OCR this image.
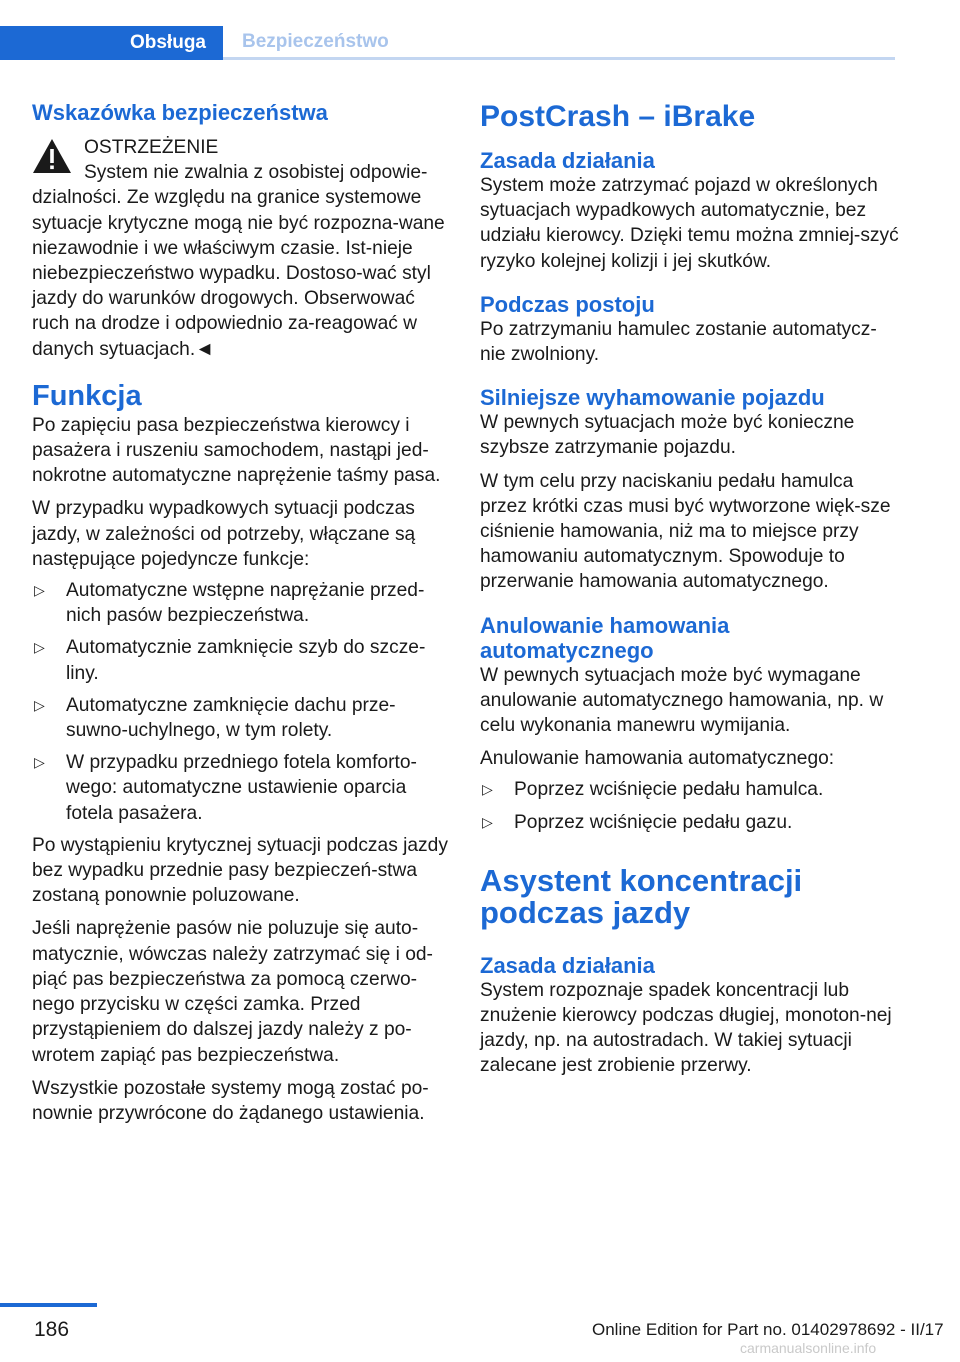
Obsługa	Bezpieczeństwo
Wskazówka bezpieczeństwa

OSTRZEŻENIE

System nie zwalnia z osobistej odpowie-

dzialności. Ze względu na granice systemowe sytuacje krytyczne mogą nie być rozpozna-wane niezawodnie i we właściwym czasie. Ist-nieje niebezpieczeństwo wypadku. Dostoso-wać styl jazdy do warunków drogowych. Obserwować ruch na drodze i odpowiednio za-reagować w danych sytuacjach.◄

Funkcja

Po zapięciu pasa bezpieczeństwa kierowcy i pasażera i ruszeniu samochodem, nastąpi jed-nokrotne automatyczne naprężenie taśmy pasa.

W przypadku wypadkowych sytuacji podczas jazdy, w zależności od potrzeby, włączane są następujące pojedyncze funkcje:

▷ Automatyczne wstępne naprężanie przed-nich pasów bezpieczeństwa.
▷ Automatycznie zamknięcie szyb do szcze-liny.
▷ Automatyczne zamknięcie dachu prze-suwno-uchylnego, w tym rolety.
▷ W przypadku przedniego fotela komforto-wego: automatyczne ustawienie oparcia fotela pasażera.

Po wystąpieniu krytycznej sytuacji podczas jazdy bez wypadku przednie pasy bezpieczeń-stwa zostaną ponownie poluzowane.

Jeśli naprężenie pasów nie poluzuje się auto-matycznie, wówczas należy zatrzymać się i od-piąć pas bezpieczeństwa za pomocą czerwo-nego przycisku w części zamka. Przed przystąpieniem do dalszej jazdy należy z po-wrotem zapiąć pas bezpieczeństwa.

Wszystkie pozostałe systemy mogą zostać po-nownie przywrócone do żądanego ustawienia.

PostCrash – iBrake
Zasada działania

System może zatrzymać pojazd w określonych sytuacjach wypadkowych automatycznie, bez udziału kierowcy. Dzięki temu można zmniej-szyć ryzyko kolejnej kolizji i jej skutków.

Podczas postoju

Po zatrzymaniu hamulec zostanie automatycz-nie zwolniony.

Silniejsze wyhamowanie pojazdu

W pewnych sytuacjach może być konieczne szybsze zatrzymanie pojazdu.

W tym celu przy naciskaniu pedału hamulca przez krótki czas musi być wytworzone więk-sze ciśnienie hamowania, niż ma to miejsce przy hamowaniu automatycznym. Spowoduje to przerwanie hamowania automatycznego.

Anulowanie hamowania automatycznego

W pewnych sytuacjach może być wymagane anulowanie automatycznego hamowania, np. w celu wykonania manewru wymijania.

Anulowanie hamowania automatycznego:

▷ Poprzez wciśnięcie pedału hamulca.
▷ Poprzez wciśnięcie pedału gazu.
Asystent koncentracji podczas jazdy
Zasada działania

System rozpoznaje spadek koncentracji lub znużenie kierowcy podczas długiej, monoton-nej jazdy, np. na autostradach. W takiej sytuacji zalecane jest zrobienie przerwy.

186	Online Edition for Part no. 01402978692 - II/17
carmanualsonline.info
